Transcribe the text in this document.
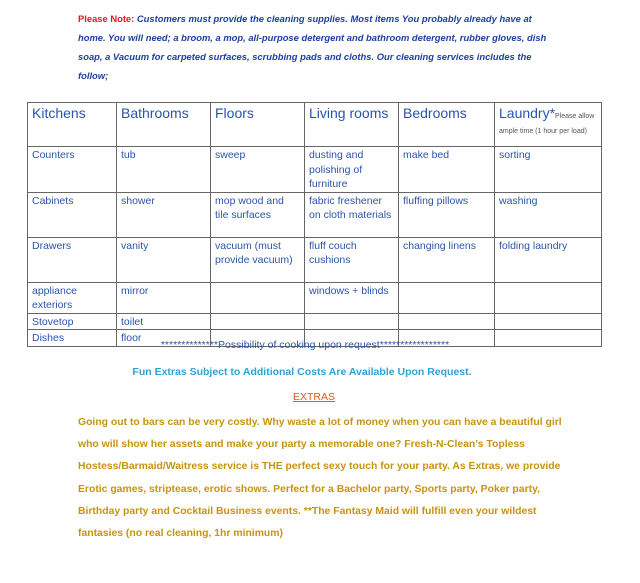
Please Note: Customers must provide the cleaning supplies. Most items You probably already have at home. You will need; a broom, a mop, all-purpose detergent and bathroom detergent, rubber gloves, dish soap, a Vacuum for carpeted surfaces, scrubbing pads and cloths. Our cleaning services includes the follow;
Kitchens	Bathrooms	Floors	Living rooms	Bedrooms	Laundry*Please allow ample time (1 hour per load)
Counters	tub	sweep	dusting and polishing of furniture	make bed	sorting
Cabinets	shower	mop wood and tile surfaces	fabric freshener on cloth materials	fluffing pillows	washing
Drawers	vanity	vacuum (must provide vacuum)	fluff couch cushions	changing linens	folding laundry
appliance exteriors	mirror		windows + blinds		
Stovetop	toilet				
Dishes	floor				
**************Possibility of cooking upon request*****************
Fun Extras Subject to Additional Costs Are Available Upon Request.
EXTRAS
Going out to bars can be very costly. Why waste a lot of money when you can have a beautiful girl who will show her assets and make your party a memorable one? Fresh-N-Clean’s Topless Hostess/Barmaid/Waitress service is THE perfect sexy touch for your party. As Extras, we provide Erotic games, striptease, erotic shows. Perfect for a Bachelor party, Sports party, Poker party, Birthday party and Cocktail Business events. **The Fantasy Maid will fulfill even your wildest fantasies (no real cleaning, 1hr minimum)
